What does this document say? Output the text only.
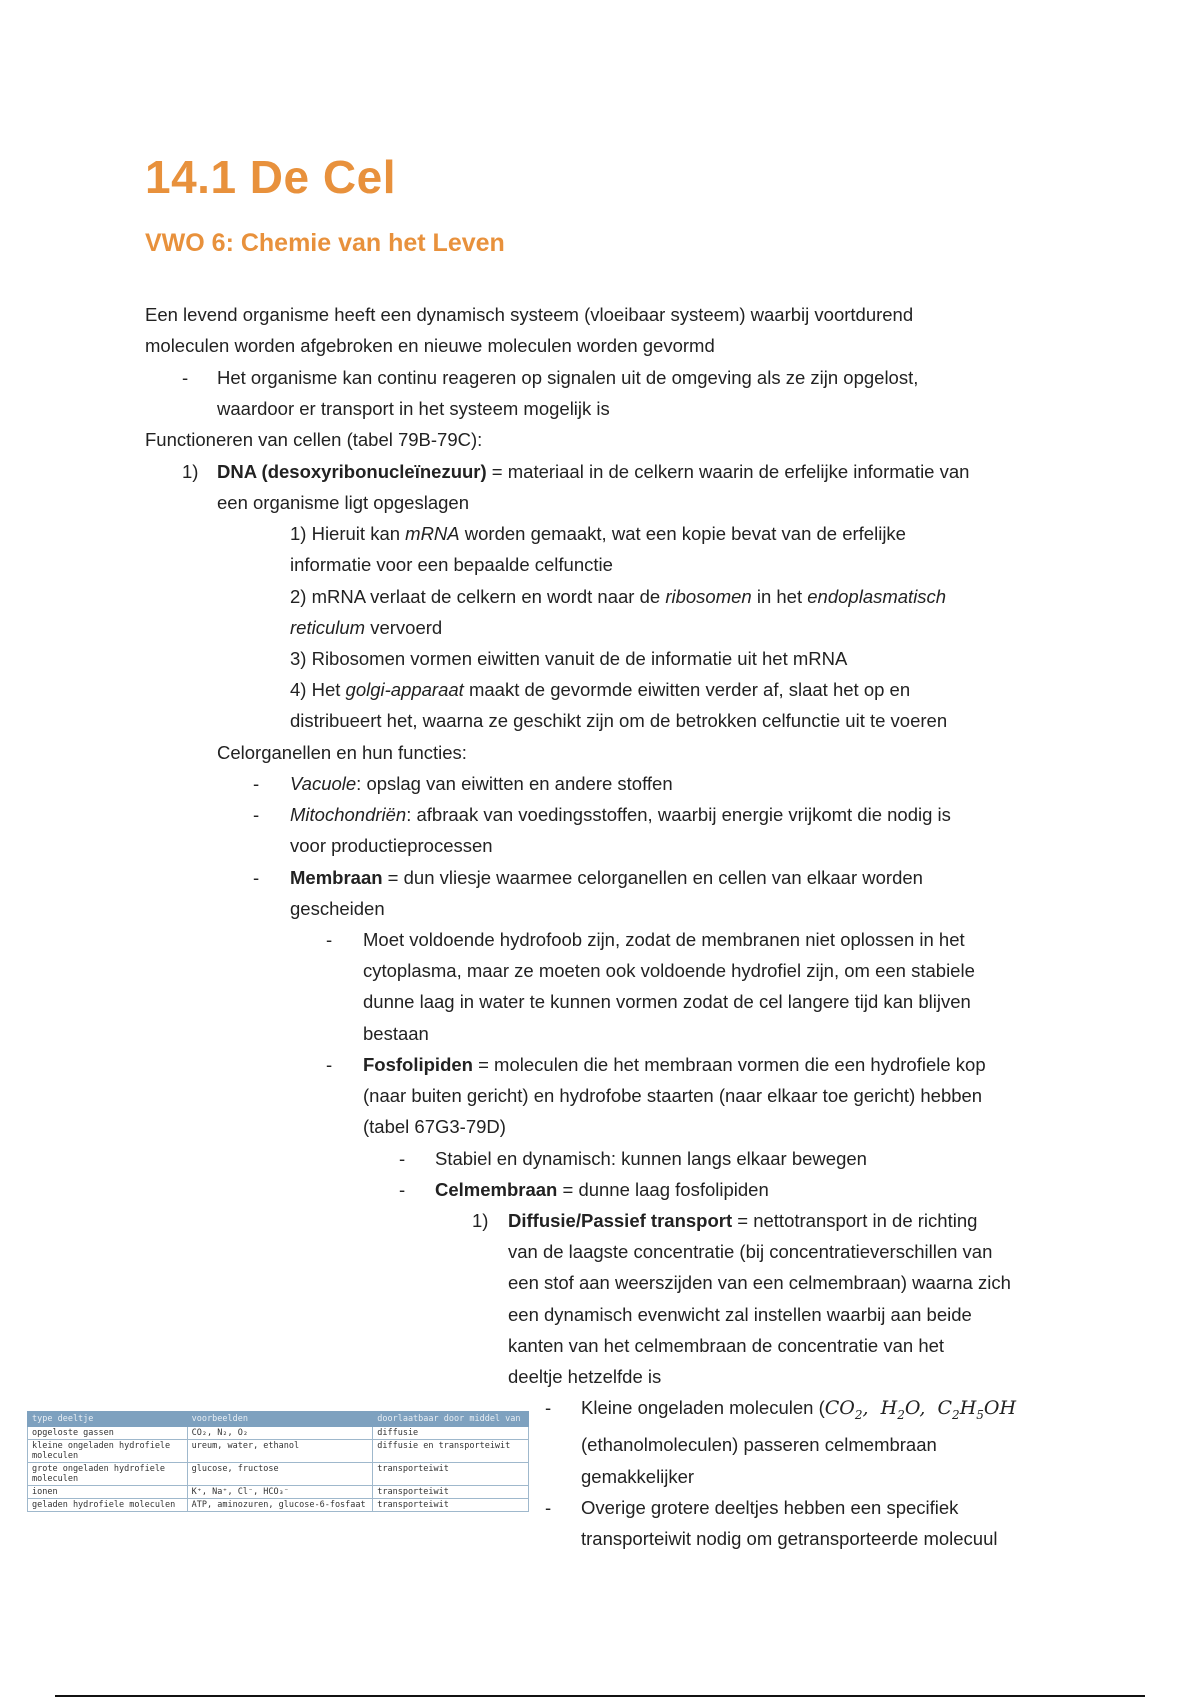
14.1 De Cel
VWO 6: Chemie van het Leven
Een levend organisme heeft een dynamisch systeem (vloeibaar systeem) waarbij voortdurend
moleculen worden afgebroken en nieuwe moleculen worden gevormd
- Het organisme kan continu reageren op signalen uit de omgeving als ze zijn opgelost,
waardoor er transport in het systeem mogelijk is
Functioneren van cellen (tabel 79B-79C):
1) DNA (desoxyribonucleïnezuur) = materiaal in de celkern waarin de erfelijke informatie van
een organisme ligt opgeslagen
1) Hieruit kan mRNA worden gemaakt, wat een kopie bevat van de erfelijke
informatie voor een bepaalde celfunctie
2) mRNA verlaat de celkern en wordt naar de ribosomen in het endoplasmatisch
reticulum vervoerd
3) Ribosomen vormen eiwitten vanuit de de informatie uit het mRNA
4) Het golgi-apparaat maakt de gevormde eiwitten verder af, slaat het op en
distribueert het, waarna ze geschikt zijn om de betrokken celfunctie uit te voeren
Celorganellen en hun functies:
- Vacuole: opslag van eiwitten en andere stoffen
- Mitochondriën: afbraak van voedingsstoffen, waarbij energie vrijkomt die nodig is
voor productieprocessen
- Membraan = dun vliesje waarmee celorganellen en cellen van elkaar worden
gescheiden
- Moet voldoende hydrofoob zijn, zodat de membranen niet oplossen in het
cytoplasma, maar ze moeten ook voldoende hydrofiel zijn, om een stabiele
dunne laag in water te kunnen vormen zodat de cel langere tijd kan blijven
bestaan
- Fosfolipiden = moleculen die het membraan vormen die een hydrofiele kop
(naar buiten gericht) en hydrofobe staarten (naar elkaar toe gericht) hebben
(tabel 67G3-79D)
- Stabiel en dynamisch: kunnen langs elkaar bewegen
- Celmembraan = dunne laag fosfolipiden
1) Diffusie/Passief transport = nettotransport in de richting
van de laagste concentratie (bij concentratieverschillen van
een stof aan weerszijden van een celmembraan) waarna zich
een dynamisch evenwicht zal instellen waarbij aan beide
kanten van het celmembraan de concentratie van het
deeltje hetzelfde is
- Kleine ongeladen moleculen ($CO_2$, $H_2O$, $C_2H_5OH$
(ethanolmoleculen) passeren celmembraan
gemakkelijker
- Overige grotere deeltjes hebben een specifiek
transporteiwit nodig om getransporteerde molecuul
type deeltje	voorbeelden	doorlaatbaar door middel van
opgeloste gassen	CO₂, N₂, O₂	diffusie
kleine ongeladen hydrofiele moleculen	ureum, water, ethanol	diffusie en transporteiwit
grote ongeladen hydrofiele moleculen	glucose, fructose	transporteiwit
ionen	K⁺, Na⁺, Cl⁻, HCO₃⁻	transporteiwit
geladen hydrofiele moleculen	ATP, aminozuren, glucose-6-fosfaat	transporteiwit
